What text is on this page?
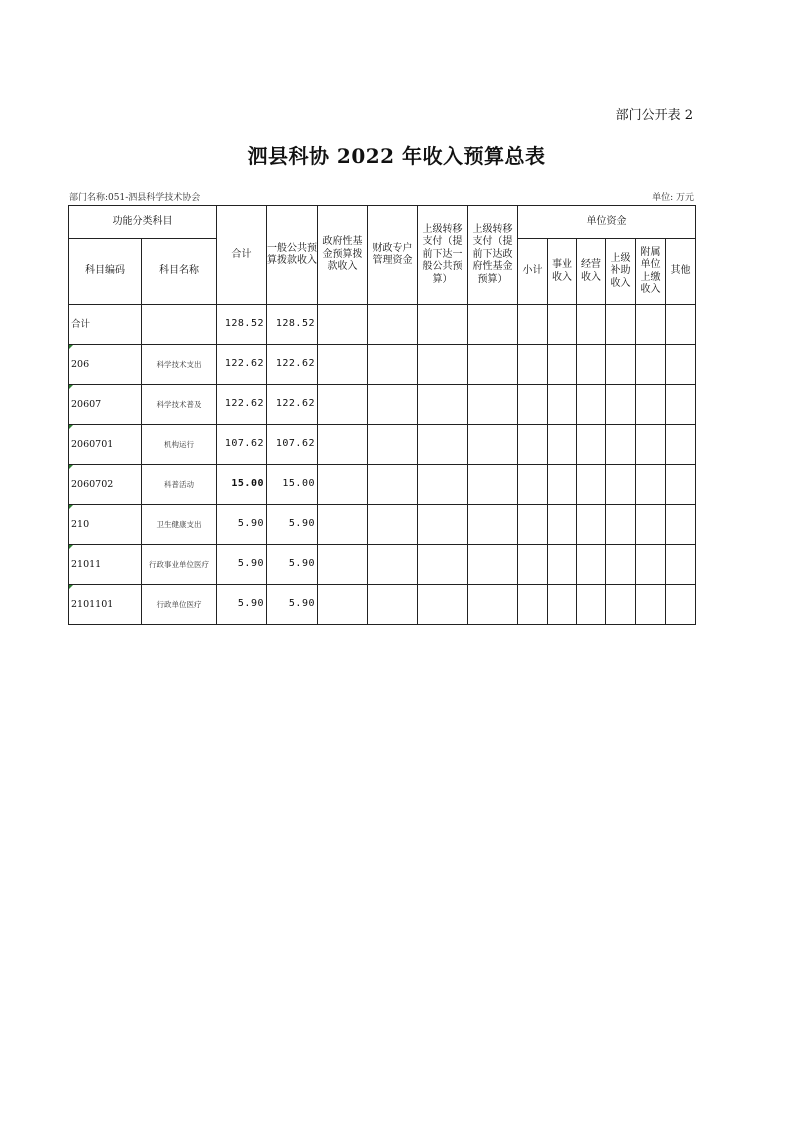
部门公开表 2
泗县科协 2022 年收入预算总表
部门名称:051-泗县科学技术协会	单位: 万元
功能分类科目		合计	一般公共预算拨款收入	政府性基金预算拨款收入	财政专户管理资金	上级转移支付（提前下达一般公共预算）	上级转移支付（提前下达政府性基金预算）	单位资金					
科目编码	科目名称							小计	事业收入	经营收入	上级补助收入	附属单位上缴收入	其他
合计		128.52	128.52										
206	科学技术支出	122.62	122.62										
20607	科学技术普及	122.62	122.62										
2060701	机构运行	107.62	107.62										
2060702	科普活动	15.00	15.00										
210	卫生健康支出	5.90	5.90										
21011	行政事业单位医疗	5.90	5.90										
2101101	行政单位医疗	5.90	5.90										
